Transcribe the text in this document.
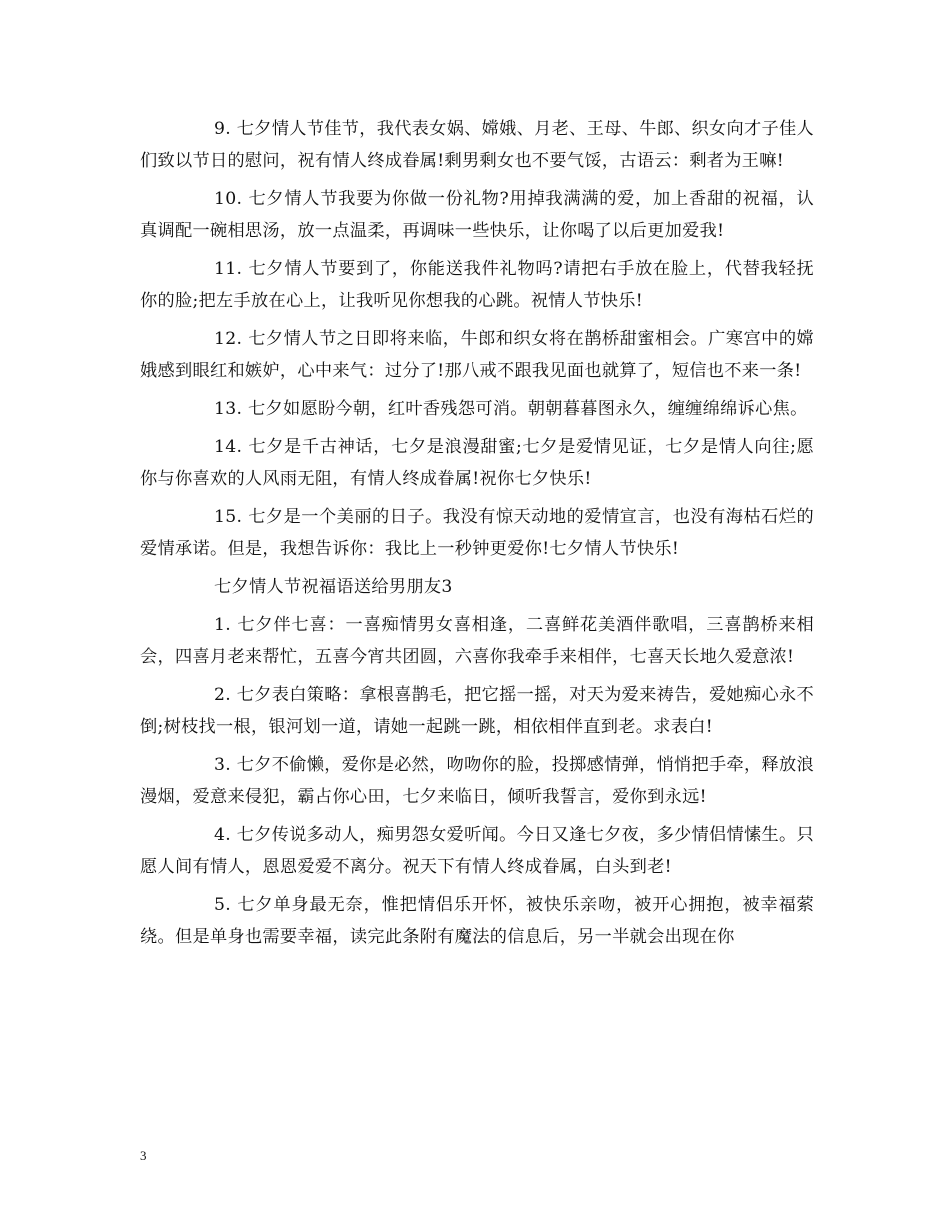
9. 七夕情人节佳节，我代表女娲、嫦娥、月老、王母、牛郎、织女向才子佳人们致以节日的慰问，祝有情人终成眷属!剩男剩女也不要气馁，古语云：剩者为王嘛!

10. 七夕情人节我要为你做一份礼物?用掉我满满的爱，加上香甜的祝福，认真调配一碗相思汤，放一点温柔，再调味一些快乐，让你喝了以后更加爱我!

11. 七夕情人节要到了，你能送我件礼物吗?请把右手放在脸上，代替我轻抚你的脸;把左手放在心上，让我听见你想我的心跳。祝情人节快乐!

12. 七夕情人节之日即将来临，牛郎和织女将在鹊桥甜蜜相会。广寒宫中的嫦娥感到眼红和嫉妒，心中来气：过分了!那八戒不跟我见面也就算了，短信也不来一条!

13. 七夕如愿盼今朝，红叶香残怨可消。朝朝暮暮图永久，缠缠绵绵诉心焦。

14. 七夕是千古神话，七夕是浪漫甜蜜;七夕是爱情见证，七夕是情人向往;愿你与你喜欢的人风雨无阻，有情人终成眷属!祝你七夕快乐!

15. 七夕是一个美丽的日子。我没有惊天动地的爱情宣言，也没有海枯石烂的爱情承诺。但是，我想告诉你：我比上一秒钟更爱你!七夕情人节快乐!

七夕情人节祝福语送给男朋友3

1. 七夕伴七喜：一喜痴情男女喜相逢，二喜鲜花美酒伴歌唱，三喜鹊桥来相会，四喜月老来帮忙，五喜今宵共团圆，六喜你我牵手来相伴，七喜天长地久爱意浓!

2. 七夕表白策略：拿根喜鹊毛，把它摇一摇，对天为爱来祷告，爱她痴心永不倒;树枝找一根，银河划一道，请她一起跳一跳，相依相伴直到老。求表白!

3. 七夕不偷懒，爱你是必然，吻吻你的脸，投掷感情弹，悄悄把手牵，释放浪漫烟，爱意来侵犯，霸占你心田，七夕来临日，倾听我誓言，爱你到永远!

4. 七夕传说多动人，痴男怨女爱听闻。今日又逢七夕夜，多少情侣情愫生。只愿人间有情人，恩恩爱爱不离分。祝天下有情人终成眷属，白头到老!

5. 七夕单身最无奈，惟把情侣乐开怀，被快乐亲吻，被开心拥抱，被幸福萦绕。但是单身也需要幸福，读完此条附有魔法的信息后，另一半就会出现在你

3
